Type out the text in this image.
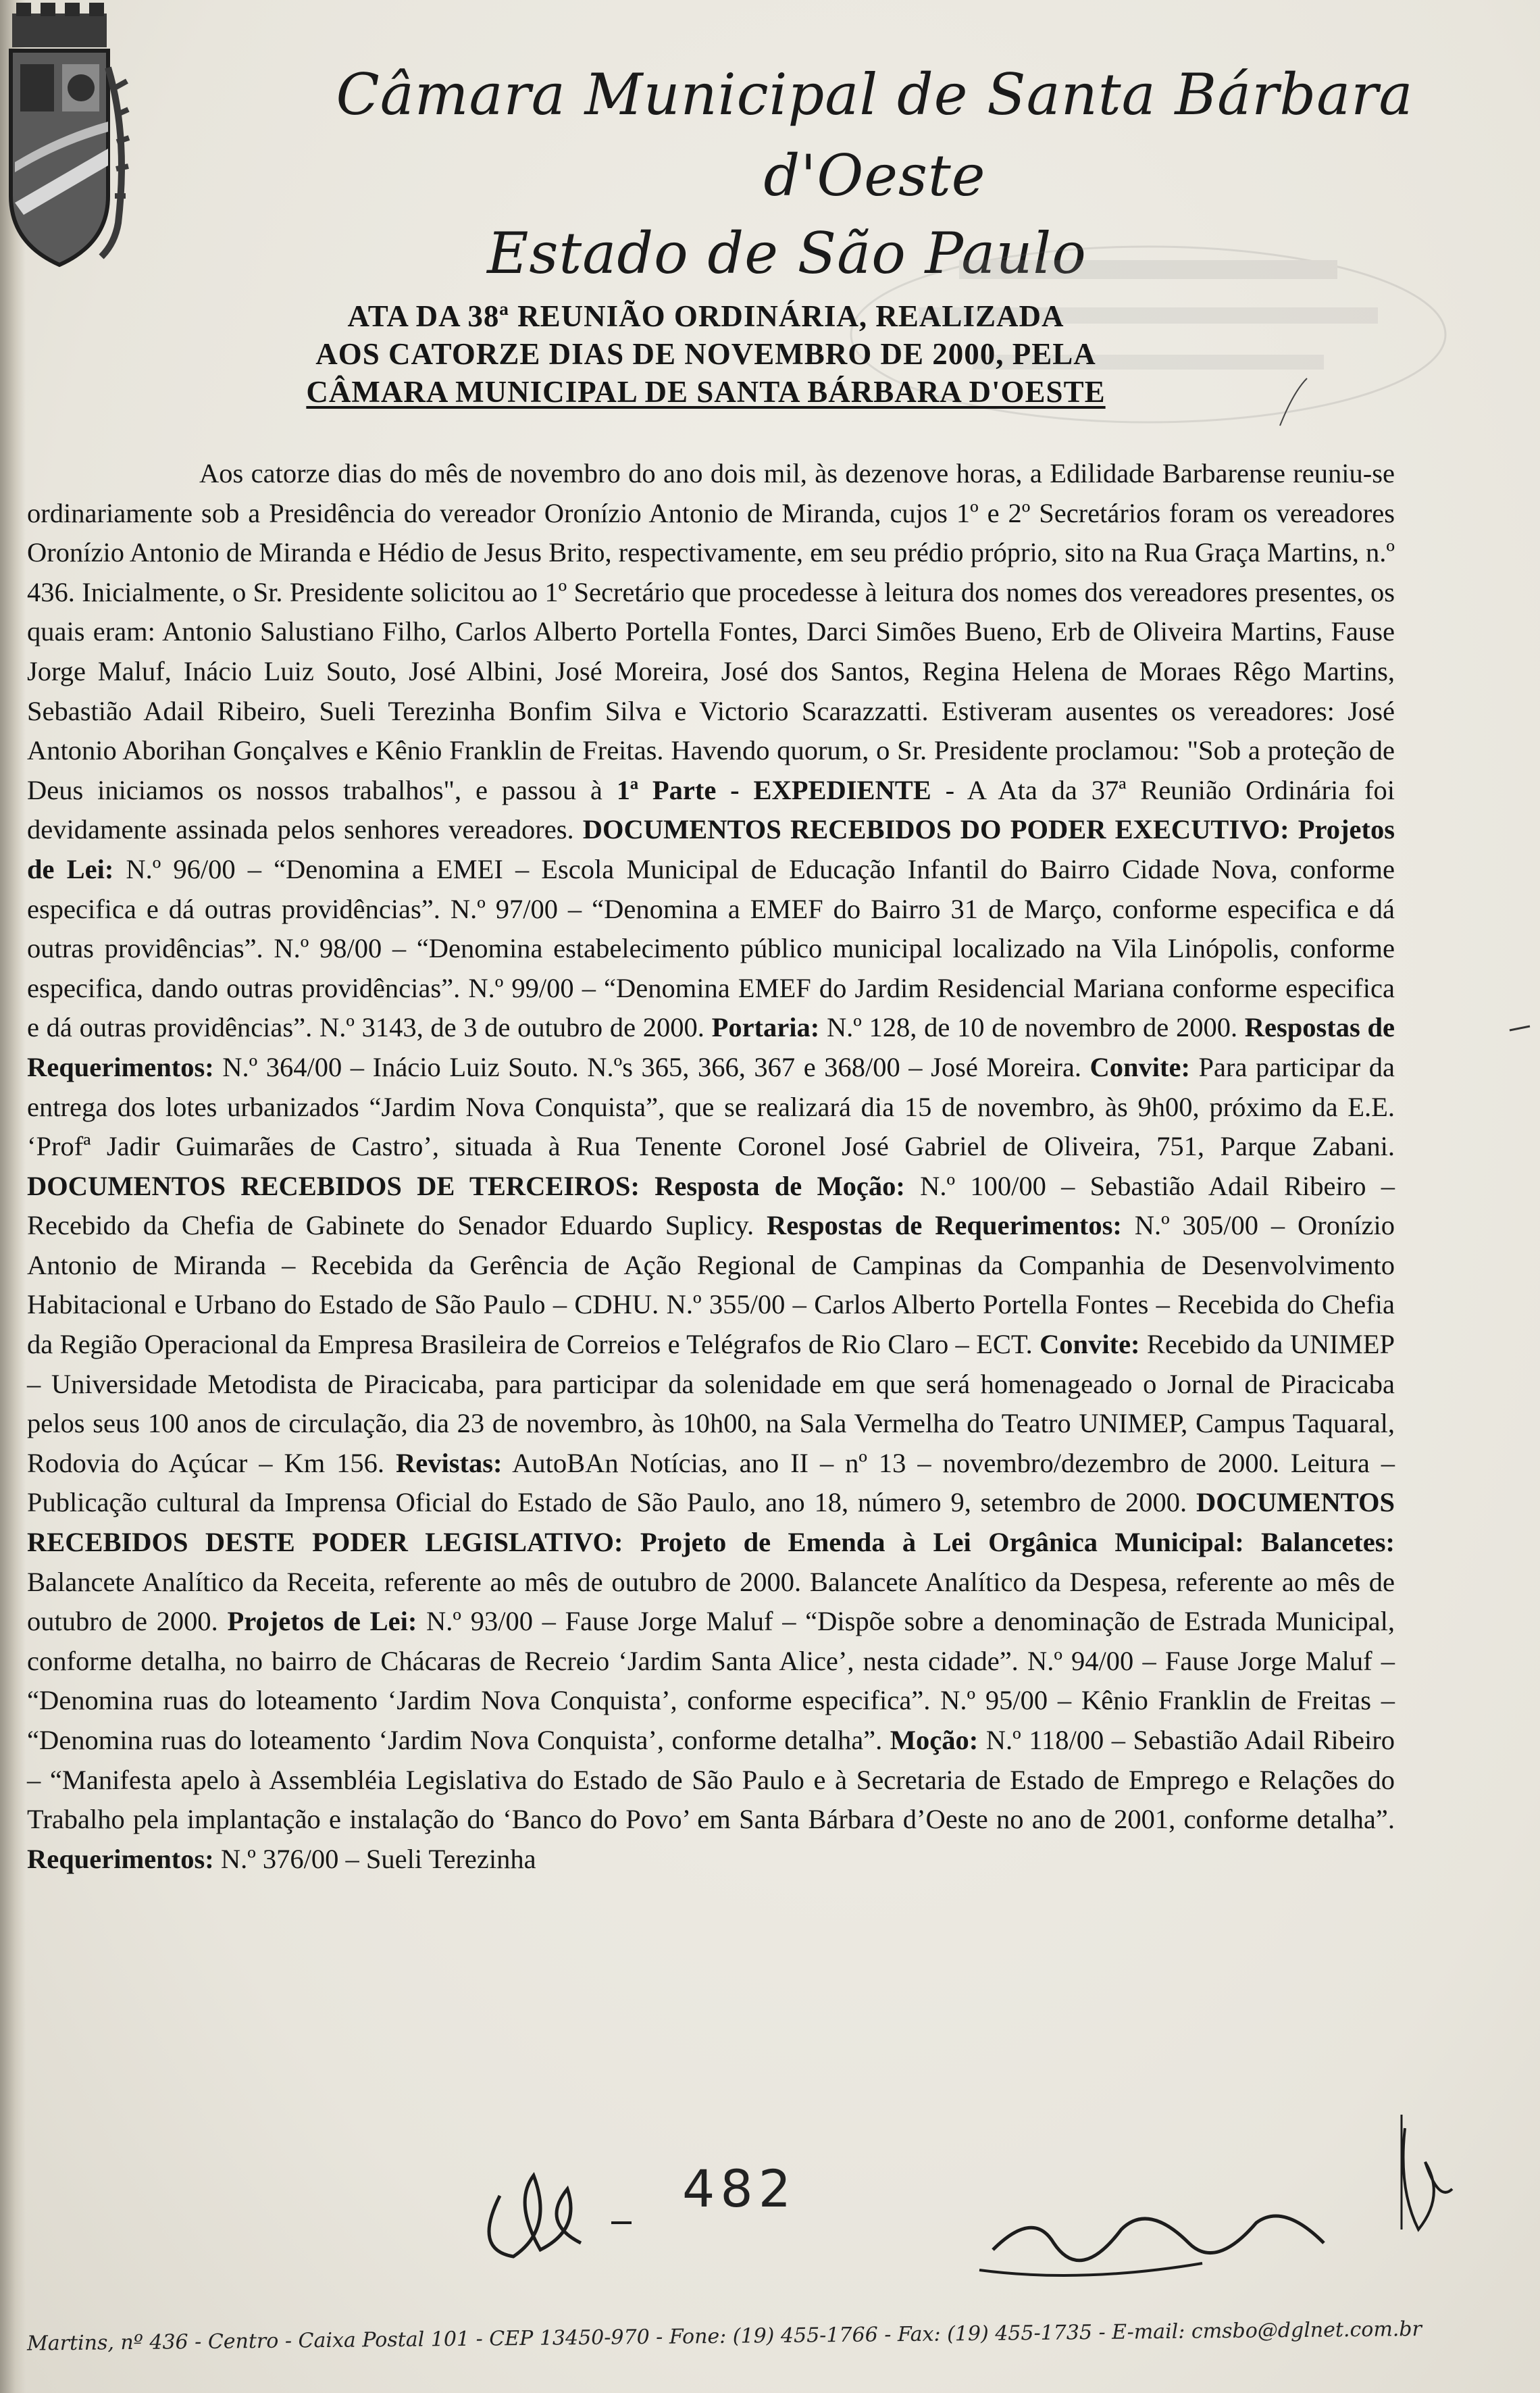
Câmara Municipal de Santa Bárbara d'Oeste
Estado de São Paulo
ATA DA 38ª REUNIÃO ORDINÁRIA, REALIZADA
AOS CATORZE DIAS DE NOVEMBRO DE 2000, PELA
CÂMARA MUNICIPAL DE SANTA BÁRBARA D'OESTE

Aos catorze dias do mês de novembro do ano dois mil, às dezenove horas, a Edilidade Barbarense reuniu-se ordinariamente sob a Presidência do vereador Oronízio Antonio de Miranda, cujos 1º e 2º Secretários foram os vereadores Oronízio Antonio de Miranda e Hédio de Jesus Brito, respectivamente, em seu prédio próprio, sito na Rua Graça Martins, n.º 436. Inicialmente, o Sr. Presidente solicitou ao 1º Secretário que procedesse à leitura dos nomes dos vereadores presentes, os quais eram: Antonio Salustiano Filho, Carlos Alberto Portella Fontes, Darci Simões Bueno, Erb de Oliveira Martins, Fause Jorge Maluf, Inácio Luiz Souto, José Albini, José Moreira, José dos Santos, Regina Helena de Moraes Rêgo Martins, Sebastião Adail Ribeiro, Sueli Terezinha Bonfim Silva e Victorio Scarazzatti. Estiveram ausentes os vereadores: José Antonio Aborihan Gonçalves e Kênio Franklin de Freitas. Havendo quorum, o Sr. Presidente proclamou: "Sob a proteção de Deus iniciamos os nossos trabalhos", e passou à 1ª Parte - EXPEDIENTE - A Ata da 37ª Reunião Ordinária foi devidamente assinada pelos senhores vereadores. DOCUMENTOS RECEBIDOS DO PODER EXECUTIVO: Projetos de Lei: N.º 96/00 – “Denomina a EMEI – Escola Municipal de Educação Infantil do Bairro Cidade Nova, conforme especifica e dá outras providências”. N.º 97/00 – “Denomina a EMEF do Bairro 31 de Março, conforme especifica e dá outras providências”. N.º 98/00 – “Denomina estabelecimento público municipal localizado na Vila Linópolis, conforme especifica, dando outras providências”. N.º 99/00 – “Denomina EMEF do Jardim Residencial Mariana conforme especifica e dá outras providências”. N.º 3143, de 3 de outubro de 2000. Portaria: N.º 128, de 10 de novembro de 2000. Respostas de Requerimentos: N.º 364/00 – Inácio Luiz Souto. N.ºs 365, 366, 367 e 368/00 – José Moreira. Convite: Para participar da entrega dos lotes urbanizados “Jardim Nova Conquista”, que se realizará dia 15 de novembro, às 9h00, próximo da E.E. ‘Profª Jadir Guimarães de Castro’, situada à Rua Tenente Coronel José Gabriel de Oliveira, 751, Parque Zabani. DOCUMENTOS RECEBIDOS DE TERCEIROS: Resposta de Moção: N.º 100/00 – Sebastião Adail Ribeiro – Recebido da Chefia de Gabinete do Senador Eduardo Suplicy. Respostas de Requerimentos: N.º 305/00 – Oronízio Antonio de Miranda – Recebida da Gerência de Ação Regional de Campinas da Companhia de Desenvolvimento Habitacional e Urbano do Estado de São Paulo – CDHU. N.º 355/00 – Carlos Alberto Portella Fontes – Recebida do Chefia da Região Operacional da Empresa Brasileira de Correios e Telégrafos de Rio Claro – ECT. Convite: Recebido da UNIMEP – Universidade Metodista de Piracicaba, para participar da solenidade em que será homenageado o Jornal de Piracicaba pelos seus 100 anos de circulação, dia 23 de novembro, às 10h00, na Sala Vermelha do Teatro UNIMEP, Campus Taquaral, Rodovia do Açúcar – Km 156. Revistas: AutoBAn Notícias, ano II – nº 13 – novembro/dezembro de 2000. Leitura – Publicação cultural da Imprensa Oficial do Estado de São Paulo, ano 18, número 9, setembro de 2000. DOCUMENTOS RECEBIDOS DESTE PODER LEGISLATIVO: Projeto de Emenda à Lei Orgânica Municipal: Balancetes: Balancete Analítico da Receita, referente ao mês de outubro de 2000. Balancete Analítico da Despesa, referente ao mês de outubro de 2000. Projetos de Lei: N.º 93/00 – Fause Jorge Maluf – “Dispõe sobre a denominação de Estrada Municipal, conforme detalha, no bairro de Chácaras de Recreio ‘Jardim Santa Alice’, nesta cidade”. N.º 94/00 – Fause Jorge Maluf – “Denomina ruas do loteamento ‘Jardim Nova Conquista’, conforme especifica”. N.º 95/00 – Kênio Franklin de Freitas – “Denomina ruas do loteamento ‘Jardim Nova Conquista’, conforme detalha”. Moção: N.º 118/00 – Sebastião Adail Ribeiro – “Manifesta apelo à Assembléia Legislativa do Estado de São Paulo e à Secretaria de Estado de Emprego e Relações do Trabalho pela implantação e instalação do ‘Banco do Povo’ em Santa Bárbara d’Oeste no ano de 2001, conforme detalha”. Requerimentos: N.º 376/00 – Sueli Terezinha

482
Martins, nº 436 - Centro - Caixa Postal 101 - CEP 13450-970 - Fone: (19) 455-1766 - Fax: (19) 455-1735 - E-mail: cmsbo@dglnet.com.br
